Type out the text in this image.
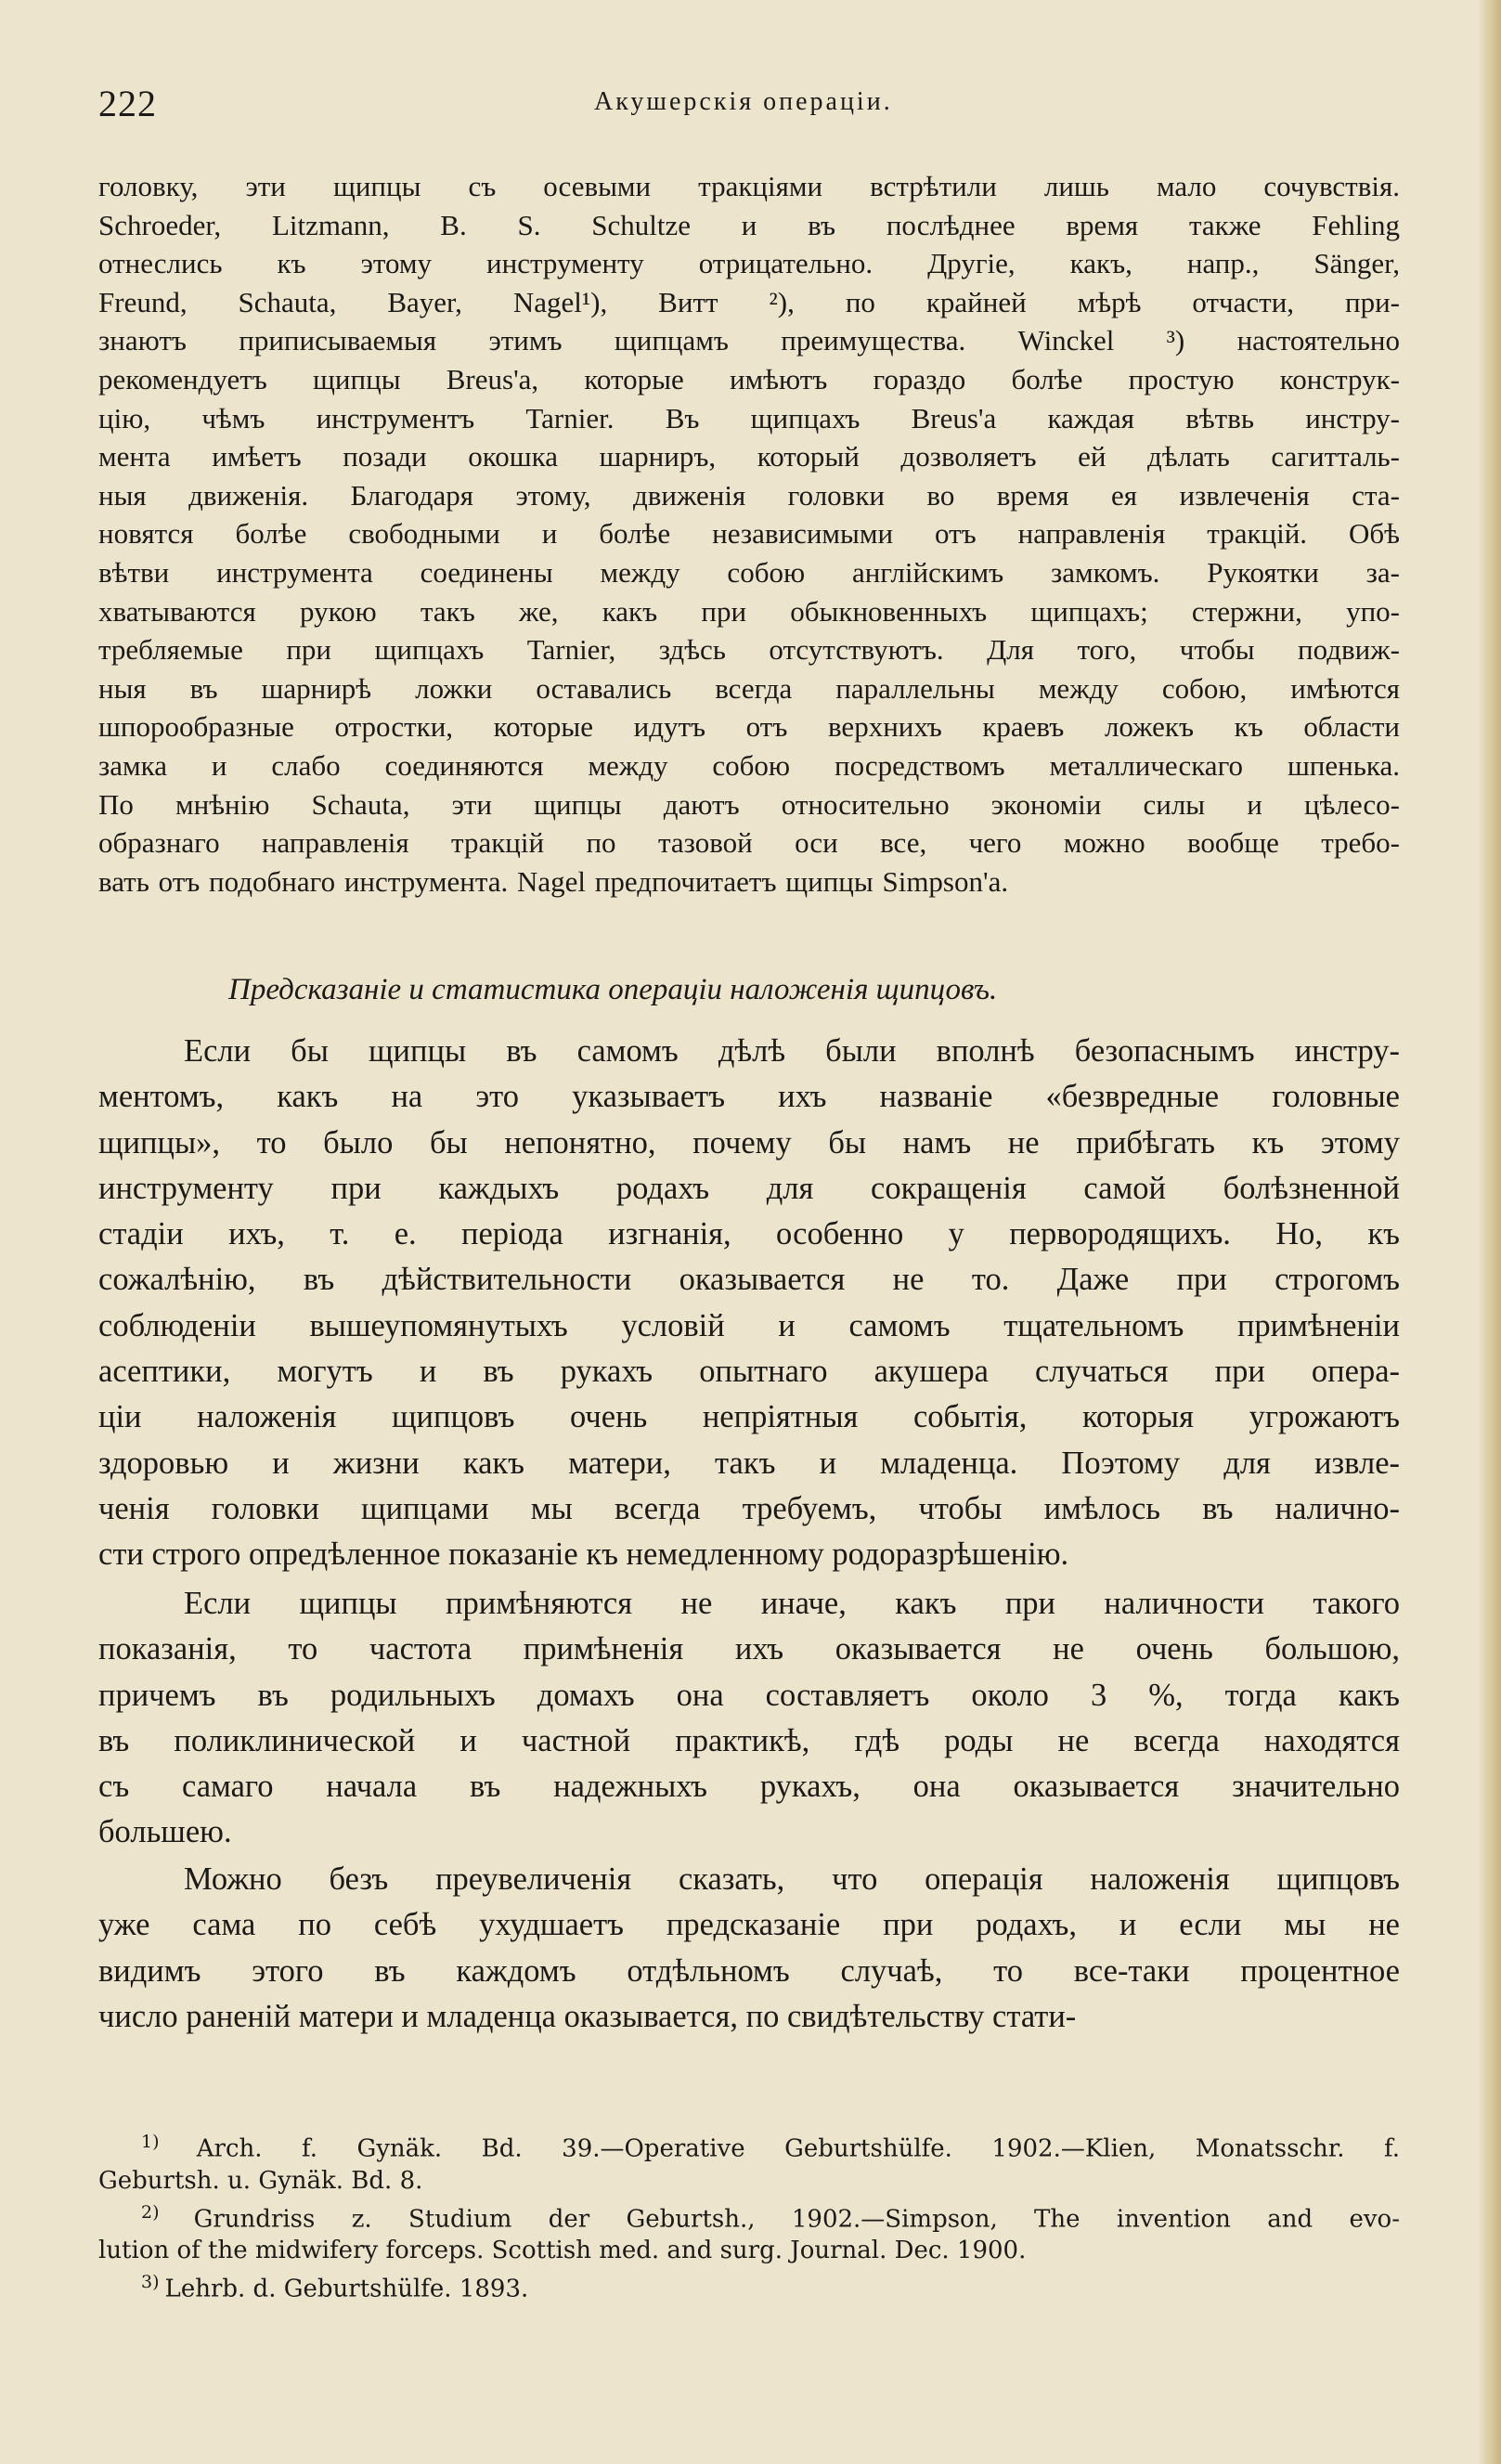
222	Акушерскія операціи.
головку, эти щипцы съ осевыми тракціями встрѣтили лишь мало сочувствія.
Schroeder, Litzmann, B. S. Schultze и въ послѣднее время также Fehling
отнеслись къ этому инструменту отрицательно. Другіе, какъ, напр., Sänger,
Freund, Schauta, Bayer, Nagel¹), Витт ²), по крайней мѣрѣ отчасти, при-
знаютъ приписываемыя этимъ щипцамъ преимущества. Winckel ³) настоятельно
рекомендуетъ щипцы Breus'а, которые имѣютъ гораздо болѣе простую конструк-
цію, чѣмъ инструментъ Tarnier. Въ щипцахъ Breus'а каждая вѣтвь инстру-
мента имѣетъ позади окошка шарниръ, который дозволяетъ ей дѣлать сагитталь-
ныя движенія. Благодаря этому, движенія головки во время ея извлеченія ста-
новятся болѣе свободными и болѣе независимыми отъ направленія тракцій. Обѣ
вѣтви инструмента соединены между собою англійскимъ замкомъ. Рукоятки за-
хватываются рукою такъ же, какъ при обыкновенныхъ щипцахъ; стержни, упо-
требляемые при щипцахъ Tarnier, здѣсь отсутствуютъ. Для того, чтобы подвиж-
ныя въ шарнирѣ ложки оставались всегда параллельны между собою, имѣются
шпорообразные отростки, которые идутъ отъ верхнихъ краевъ ложекъ къ области
замка и слабо соединяются между собою посредствомъ металлическаго шпенька.
По мнѣнію Schauta, эти щипцы даютъ относительно экономіи силы и цѣлесо-
образнаго направленія тракцій по тазовой оси все, чего можно вообще требо-
вать отъ подобнаго инструмента. Nagel предпочитаетъ щипцы Simpson'а.
Предсказаніе и статистика операціи наложенія щипцовъ.
Если бы щипцы въ самомъ дѣлѣ были вполнѣ безопаснымъ инстру-
ментомъ, какъ на это указываетъ ихъ названіе «безвредные головные
щипцы», то было бы непонятно, почему бы намъ не прибѣгать къ этому
инструменту при каждыхъ родахъ для сокращенія самой болѣзненной
стадіи ихъ, т. е. періода изгнанія, особенно у первородящихъ. Но, къ
сожалѣнію, въ дѣйствительности оказывается не то. Даже при строгомъ
соблюденіи вышеупомянутыхъ условій и самомъ тщательномъ примѣненіи
асептики, могутъ и въ рукахъ опытнаго акушера случаться при опера-
ціи наложенія щипцовъ очень непріятныя событія, которыя угрожаютъ
здоровью и жизни какъ матери, такъ и младенца. Поэтому для извле-
ченія головки щипцами мы всегда требуемъ, чтобы имѣлось въ налично-
сти строго опредѣленное показаніе къ немедленному родоразрѣшенію.
Если щипцы примѣняются не иначе, какъ при наличности такого
показанія, то частота примѣненія ихъ оказывается не очень большою,
причемъ въ родильныхъ домахъ она составляетъ около 3 %, тогда какъ
въ поликлинической и частной практикѣ, гдѣ роды не всегда находятся
съ самаго начала въ надежныхъ рукахъ, она оказывается значительно
большею.
Можно безъ преувеличенія сказать, что операція наложенія щипцовъ
уже сама по себѣ ухудшаетъ предсказаніе при родахъ, и если мы не
видимъ этого въ каждомъ отдѣльномъ случаѣ, то все-таки процентное
число раненій матери и младенца оказывается, по свидѣтельству стати-
$^{1)}$ Arch. f. Gynäk. Bd. 39.—Operative Geburtshülfe. 1902.—Klien, Monatsschr. f.
Geburtsh. u. Gynäk. Bd. 8.
$^{2)}$ Grundriss z. Studium der Geburtsh., 1902.—Simpson, The invention and evo-
lution of the midwifery forceps. Scottish med. and surg. Journal. Dec. 1900.
$^{3)}$ Lehrb. d. Geburtshülfe. 1893.
